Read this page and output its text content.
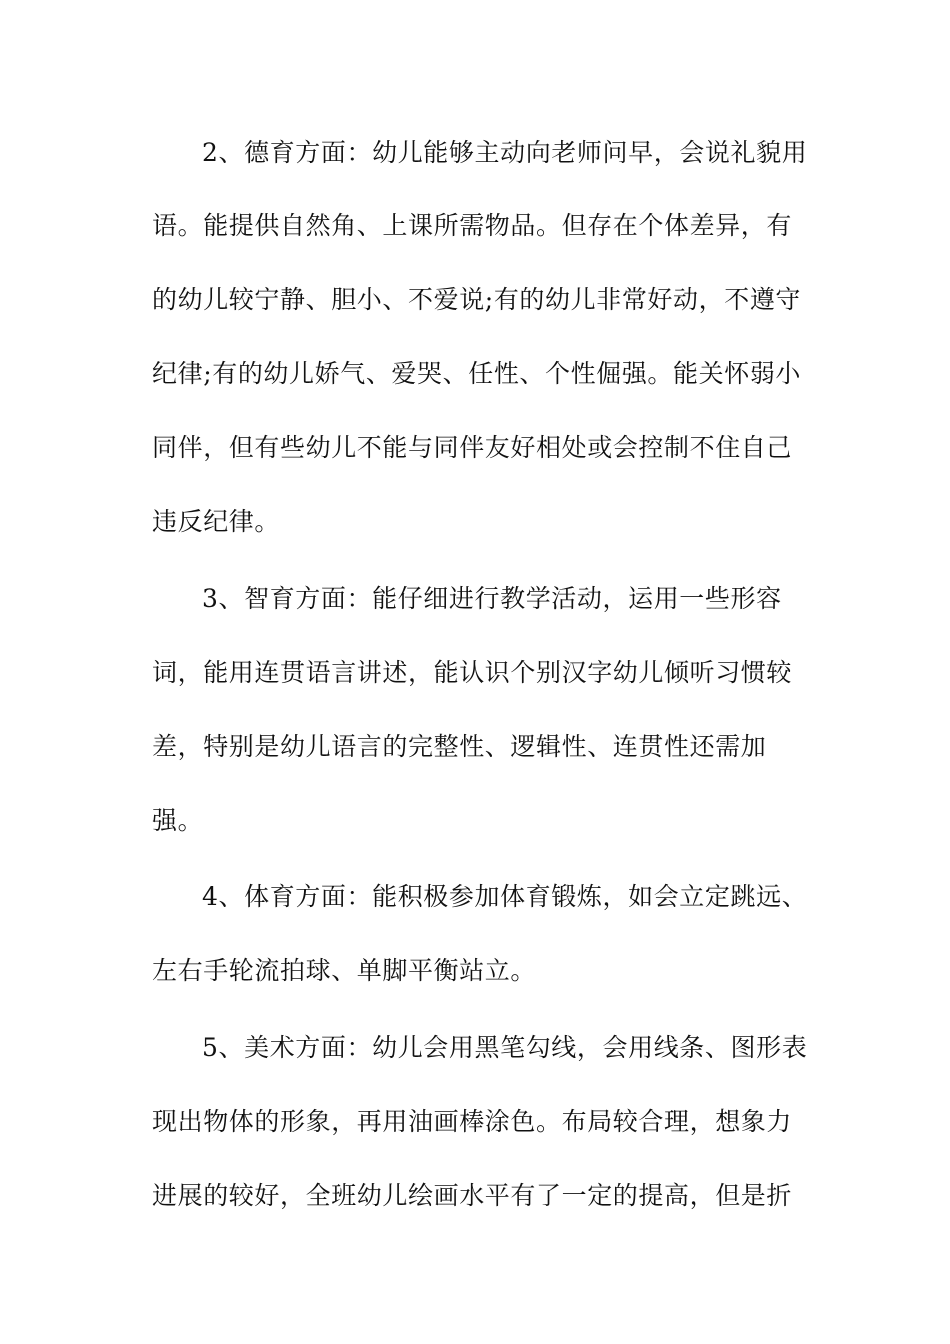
2、德育方面：幼儿能够主动向老师问早，会说礼貌用
语。能提供自然角、上课所需物品。但存在个体差异，有
的幼儿较宁静、胆小、不爱说;有的幼儿非常好动，不遵守
纪律;有的幼儿娇气、爱哭、任性、个性倔强。能关怀弱小
同伴，但有些幼儿不能与同伴友好相处或会控制不住自己
违反纪律。
3、智育方面：能仔细进行教学活动，运用一些形容
词，能用连贯语言讲述，能认识个别汉字幼儿倾听习惯较
差，特别是幼儿语言的完整性、逻辑性、连贯性还需加
强。
4、体育方面：能积极参加体育锻炼，如会立定跳远、
左右手轮流拍球、单脚平衡站立。
5、美术方面：幼儿会用黑笔勾线，会用线条、图形表
现出物体的形象，再用油画棒涂色。布局较合理，想象力
进展的较好，全班幼儿绘画水平有了一定的提高，但是折
